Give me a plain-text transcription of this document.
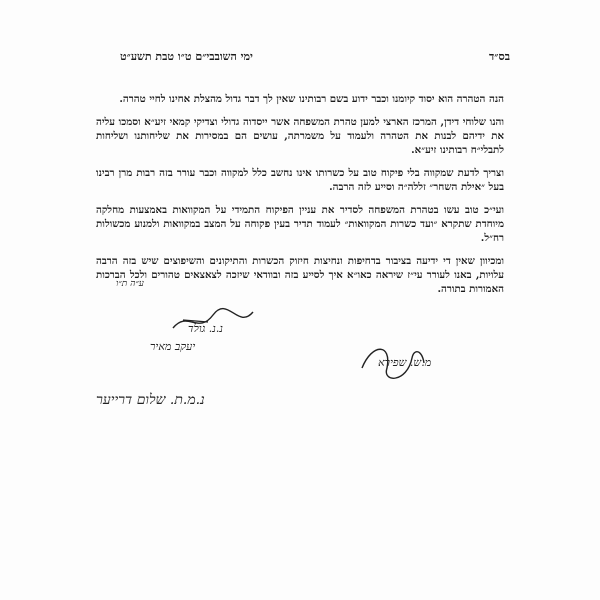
בס״ד
ימי השובבי״ם ט״ו טבת תשע״ט

הנה הטהרה הוא יסוד קיומנו וכבר ידוע בשם רבותינו שאין לך דבר גדול מהצלת אחינו לחיי טהרה.

והנו שלוחי דידן, המרכז הארצי למען טהרת המשפחה אשר ייסדוה גדולי וצדיקי קמאי זיע״א וסמכו עליה את ידיהם לבנות את הטהרה ולעמוד על משמרתה, עושים הם במסירות את שליחותנו ושליחות לתבלי״ח רבותינו זיע״א.

וצריך לדעת שמקווה בלי פיקוח טוב על כשרותו אינו נחשב כלל למקווה וכבר עורר בזה רבות מרן רבינו בעל ״אילת השחר״ זללה״ה וסייע לזה הרבה.

ועי״כ טוב עשו בטהרת המשפחה לסדיר את עניין הפיקוח התמידי על המקוואות באמצעות מחלקה מיוחדת שתקרא ״ועד כשרות המקוואות״ לעמוד תדיר בעין פקוחה על המצב במקוואות ולמנוע מכשולות רח״ל.

ומכיוון שאין די ידיעה בציבור בדחיפות ונחיצות חיזוק הכשרות והתיקונים והשיפוצים שיש בזה הרבה עלויות, באנו לעורר עי״ז שיראה כאו״א איך לסייע בזה ובוודאי שיזכה לצאצאים טהורים ולכל הברכות האמורות בתורה.

ע״ה ת״ו
נ.נ. גולד
יעקב מאיר
מ.ש. שפירא
נ.מ.ת. שלום דרייער
